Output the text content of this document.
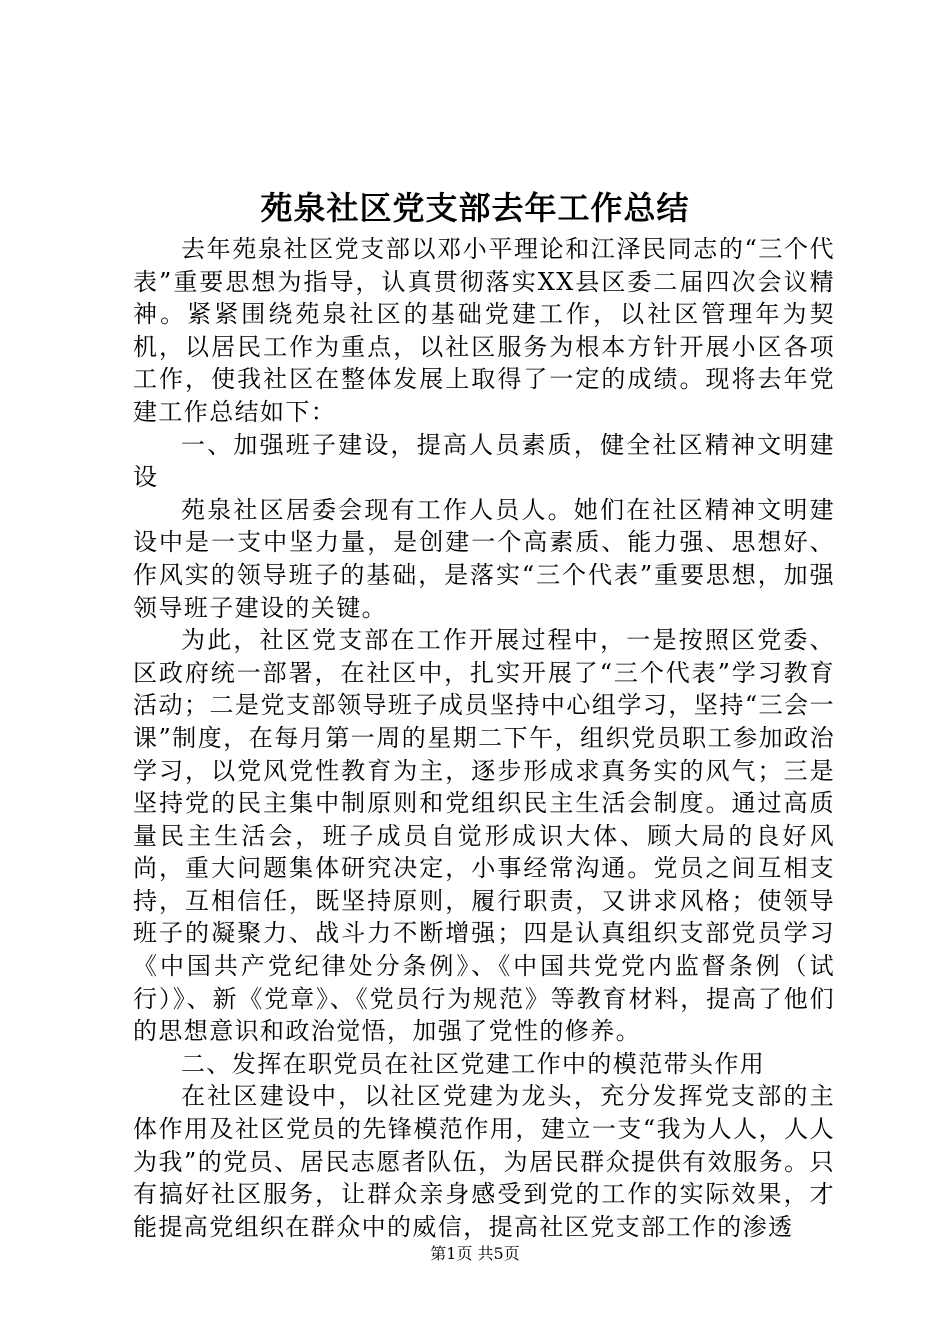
苑泉社区党支部去年工作总结

去年苑泉社区党支部以邓小平理论和江泽民同志的“三个代表”重要思想为指导，认真贯彻落实XX县区委二届四次会议精神。紧紧围绕苑泉社区的基础党建工作，以社区管理年为契机，以居民工作为重点，以社区服务为根本方针开展小区各项工作，使我社区在整体发展上取得了一定的成绩。现将去年党建工作总结如下：

一、加强班子建设，提高人员素质，健全社区精神文明建设

苑泉社区居委会现有工作人员人。她们在社区精神文明建设中是一支中坚力量，是创建一个高素质、能力强、思想好、作风实的领导班子的基础，是落实“三个代表”重要思想，加强领导班子建设的关键。

为此，社区党支部在工作开展过程中，一是按照区党委、区政府统一部署，在社区中，扎实开展了“三个代表”学习教育活动；二是党支部领导班子成员坚持中心组学习，坚持“三会一课”制度，在每月第一周的星期二下午，组织党员职工参加政治学习，以党风党性教育为主，逐步形成求真务实的风气；三是坚持党的民主集中制原则和党组织民主生活会制度。通过高质量民主生活会，班子成员自觉形成识大体、顾大局的良好风尚，重大问题集体研究决定，小事经常沟通。党员之间互相支持，互相信任，既坚持原则，履行职责，又讲求风格；使领导班子的凝聚力、战斗力不断增强；四是认真组织支部党员学习《中国共产党纪律处分条例》、《中国共党党内监督条例（试行）》、新《党章》、《党员行为规范》等教育材料，提高了他们的思想意识和政治觉悟，加强了党性的修养。

二、发挥在职党员在社区党建工作中的模范带头作用

在社区建设中，以社区党建为龙头，充分发挥党支部的主体作用及社区党员的先锋模范作用，建立一支“我为人人，人人为我”的党员、居民志愿者队伍，为居民群众提供有效服务。只有搞好社区服务，让群众亲身感受到党的工作的实际效果，才能提高党组织在群众中的威信，提高社区党支部工作的渗透

第1页 共5页
